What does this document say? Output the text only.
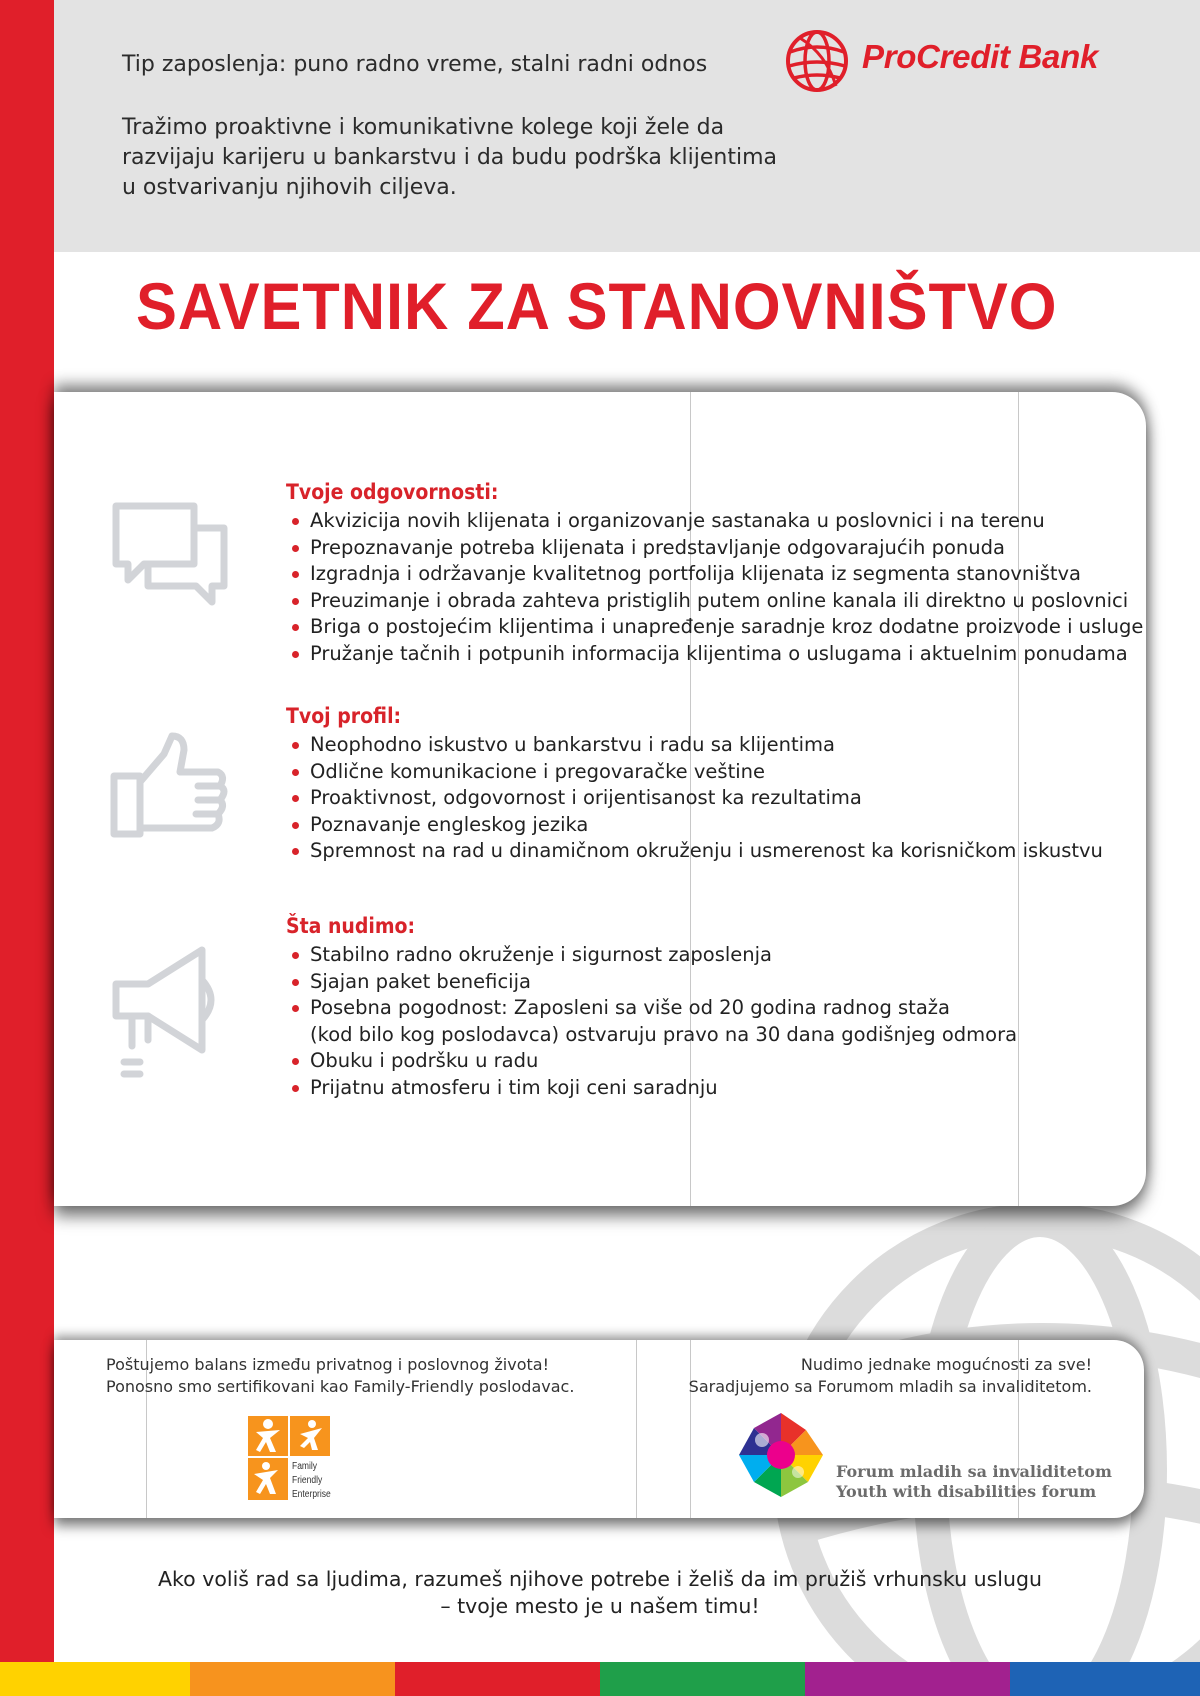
Tip zaposlenja: puno radno vreme, stalni radni odnos
Tražimo proaktivne i komunikativne kolege koji žele da
razvijaju karijeru u bankarstvu i da budu podrška klijentima
u ostvarivanju njihovih ciljeva.
ProCredit Bank
SAVETNIK ZA STANOVNIŠTVO
Tvoje odgovornosti:
Akvizicija novih klijenata i organizovanje sastanaka u poslovnici i na terenu
Prepoznavanje potreba klijenata i predstavljanje odgovarajućih ponuda
Izgradnja i održavanje kvalitetnog portfolija klijenata iz segmenta stanovništva
Preuzimanje i obrada zahteva pristiglih putem online kanala ili direktno u poslovnici
Briga o postojećim klijentima i unapređenje saradnje kroz dodatne proizvode i usluge
Pružanje tačnih i potpunih informacija klijentima o uslugama i aktuelnim ponudama
Tvoj profil:
Neophodno iskustvo u bankarstvu i radu sa klijentima
Odlične komunikacione i pregovaračke veštine
Proaktivnost, odgovornost i orijentisanost ka rezultatima
Poznavanje engleskog jezika
Spremnost na rad u dinamičnom okruženju i usmerenost ka korisničkom iskustvu
Šta nudimo:
Stabilno radno okruženje i sigurnost zaposlenja
Sjajan paket beneficija
Posebna pogodnost: Zaposleni sa više od 20 godina radnog staža
(kod bilo kog poslodavca) ostvaruju pravo na 30 dana godišnjeg odmora
Obuku i podršku u radu
Prijatnu atmosferu i tim koji ceni saradnju
Poštujemo balans između privatnog i poslovnog života!
Ponosno smo sertifikovani kao Family-Friendly poslodavac.
Nudimo jednake mogućnosti za sve!
Saradjujemo sa Forumom mladih sa invaliditetom.
Family
Friendly
Enterprise
Forum mladih sa invaliditetom
Youth with disabilities forum
Ako voliš rad sa ljudima, razumeš njihove potrebe i želiš da im pružiš vrhunsku uslugu
– tvoje mesto je u našem timu!
